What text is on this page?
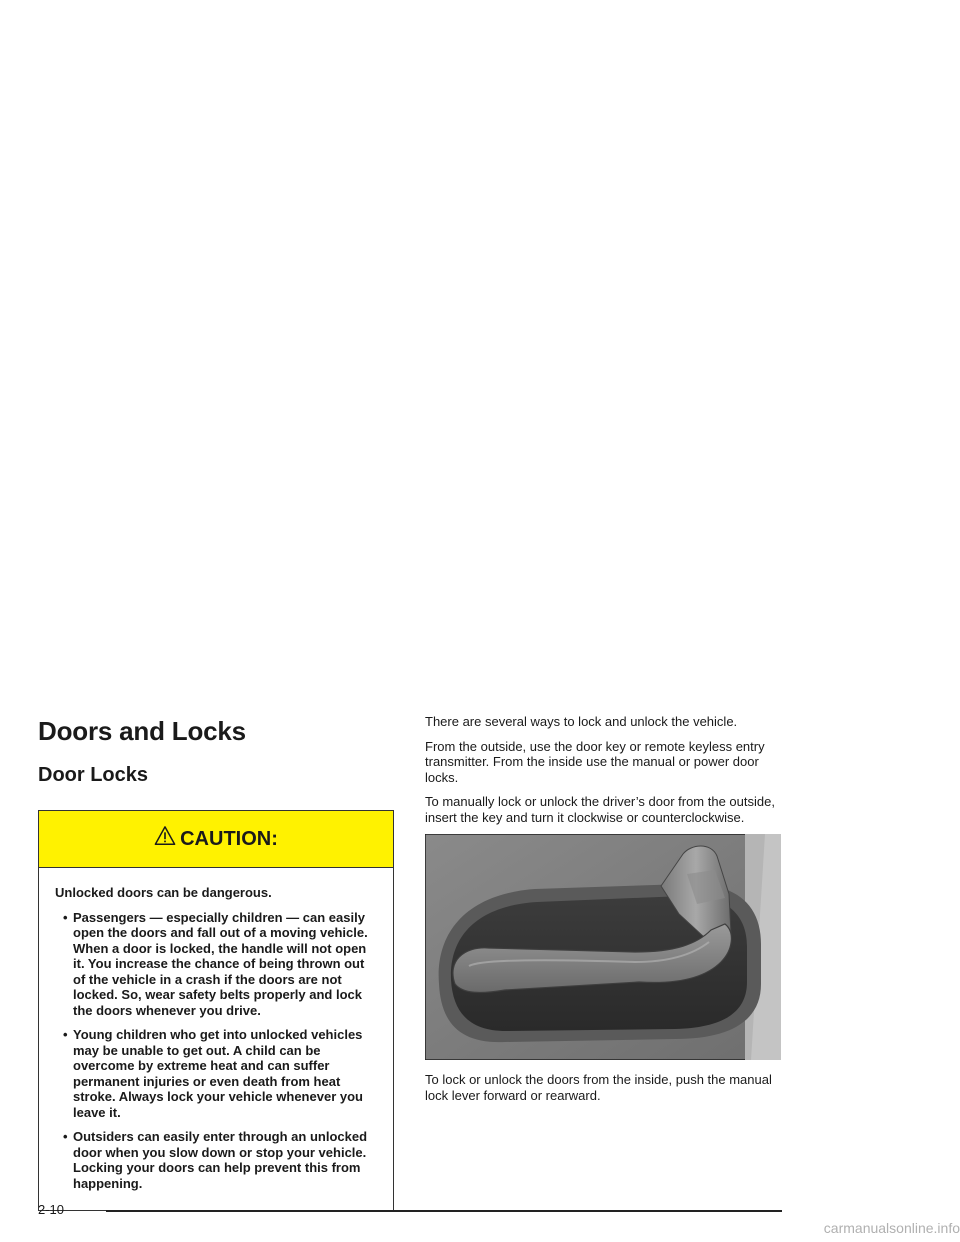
Doors and Locks
Door Locks
CAUTION:

Unlocked doors can be dangerous.

• Passengers — especially children — can easily open the doors and fall out of a moving vehicle. When a door is locked, the handle will not open it. You increase the chance of being thrown out of the vehicle in a crash if the doors are not locked. So, wear safety belts properly and lock the doors whenever you drive.
• Young children who get into unlocked vehicles may be unable to get out. A child can be overcome by extreme heat and can suffer permanent injuries or even death from heat stroke. Always lock your vehicle whenever you leave it.
• Outsiders can easily enter through an unlocked door when you slow down or stop your vehicle. Locking your doors can help prevent this from happening.

There are several ways to lock and unlock the vehicle.

From the outside, use the door key or remote keyless entry transmitter. From the inside use the manual or power door locks.

To manually lock or unlock the driver’s door from the outside, insert the key and turn it clockwise or counterclockwise.

To lock or unlock the doors from the inside, push the manual lock lever forward or rearward.

2-10
carmanualsonline.info
